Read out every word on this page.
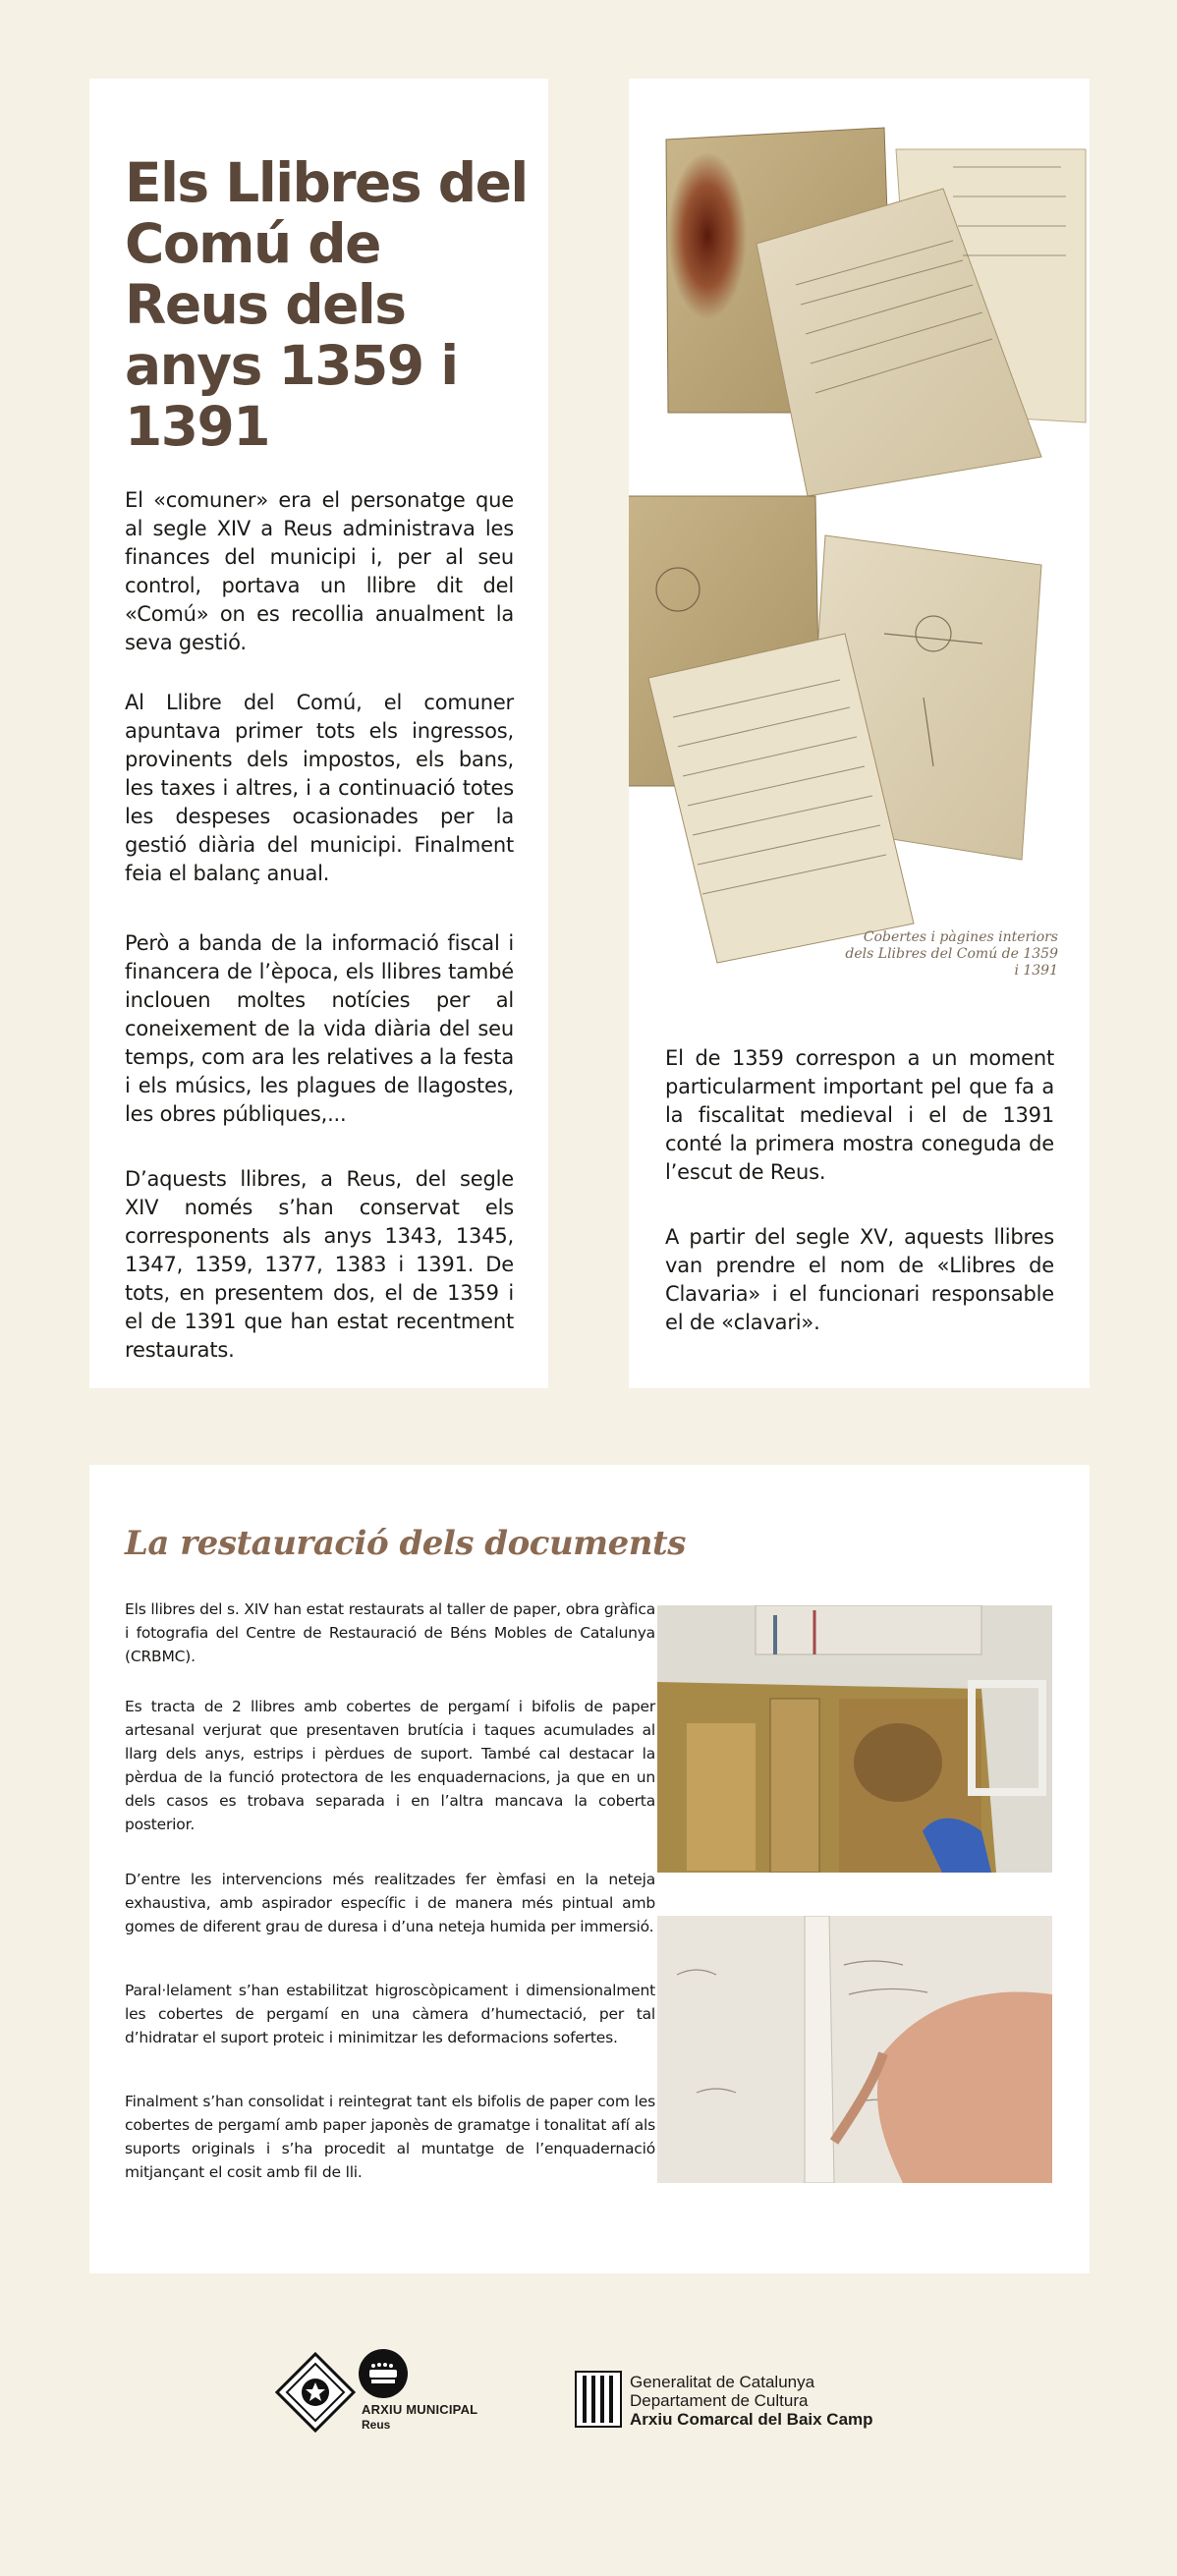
Els Llibres del Comú de Reus dels anys 1359 i 1391

El «comuner» era el personatge que al segle XIV a Reus administrava les finances del municipi i, per al seu control, portava un llibre dit del «Comú» on es recollia anualment la seva gestió.

Al Llibre del Comú, el comuner apuntava primer tots els ingressos, provinents dels impostos, els bans, les taxes i altres, i a continuació totes les despeses ocasionades per la gestió diària del municipi. Finalment feia el balanç anual.

Però a banda de la informació fiscal i financera de l’època, els llibres també inclouen moltes notícies per al coneixement de la vida diària del seu temps, com ara les relatives a la festa i els músics, les plagues de llagostes, les obres públiques,...

D’aquests llibres, a Reus, del segle XIV només s’han conservat els corresponents als anys 1343, 1345, 1347, 1359, 1377, 1383 i 1391. De tots, en presentem dos, el de 1359 i el de 1391 que han estat recentment restaurats.

Cobertes i pàgines interiors dels Llibres del Comú de 1359 i 1391

El de 1359 correspon a un moment particularment important pel que fa a la fiscalitat medieval i el de 1391 conté la primera mostra coneguda de l’escut de Reus.

A partir del segle XV, aquests llibres van prendre el nom de «Llibres de Clavaria» i el funcionari responsable el de «clavari».

La restauració dels documents

Els llibres del s. XIV han estat restaurats al taller de paper, obra gràfica i fotografia del Centre de Restauració de Béns Mobles de Catalunya (CRBMC).

Es tracta de 2 llibres amb cobertes de pergamí i bifolis de paper artesanal verjurat que presentaven brutícia i taques acumulades al llarg dels anys, estrips i pèrdues de suport. També cal destacar la pèrdua de la funció protectora de les enquadernacions, ja que en un dels casos es trobava separada i en l’altra mancava la coberta posterior.

D’entre les intervencions més realitzades fer èmfasi en la neteja exhaustiva, amb aspirador específic i de manera més pintual amb gomes de diferent grau de duresa i d’una neteja humida per immersió.

Paral·lelament s’han estabilitzat higroscòpicament i dimensionalment les cobertes de pergamí en una càmera d’humectació, per tal d’hidratar el suport proteic i minimitzar les deformacions sofertes.

Finalment s’han consolidat i reintegrat tant els bifolis de paper com les cobertes de pergamí amb paper japonès de gramatge i tonalitat afí als suports originals i s’ha procedit al muntatge de l’enquadernació mitjançant el cosit amb fil de lli.

ARXIU MUNICIPAL
Reus
Generalitat de Catalunya
Departament de Cultura
Arxiu Comarcal del Baix Camp
